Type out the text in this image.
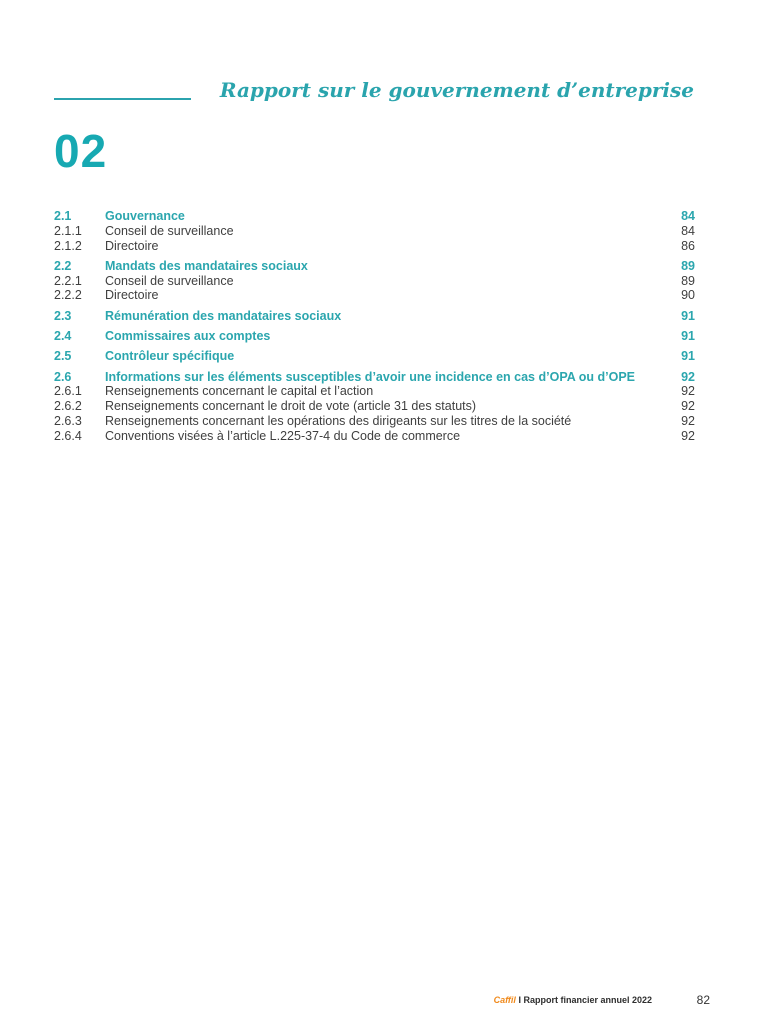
Rapport sur le gouvernement d’entreprise
02
2.1	Gouvernance	84
2.1.1	Conseil de surveillance	84
2.1.2	Directoire	86
2.2	Mandats des mandataires sociaux	89
2.2.1	Conseil de surveillance	89
2.2.2	Directoire	90
2.3	Rémunération des mandataires sociaux	91
2.4	Commissaires aux comptes	91
2.5	Contrôleur spécifique	91
2.6	Informations sur les éléments susceptibles d’avoir une incidence en cas d’OPA ou d’OPE	92
2.6.1	Renseignements concernant le capital et l’action	92
2.6.2	Renseignements concernant le droit de vote (article 31 des statuts)	92
2.6.3	Renseignements concernant les opérations des dirigeants sur les titres de la société	92
2.6.4	Conventions visées à l’article L.225-37-4 du Code de commerce	92
Caffil I Rapport financier annuel 2022	82
